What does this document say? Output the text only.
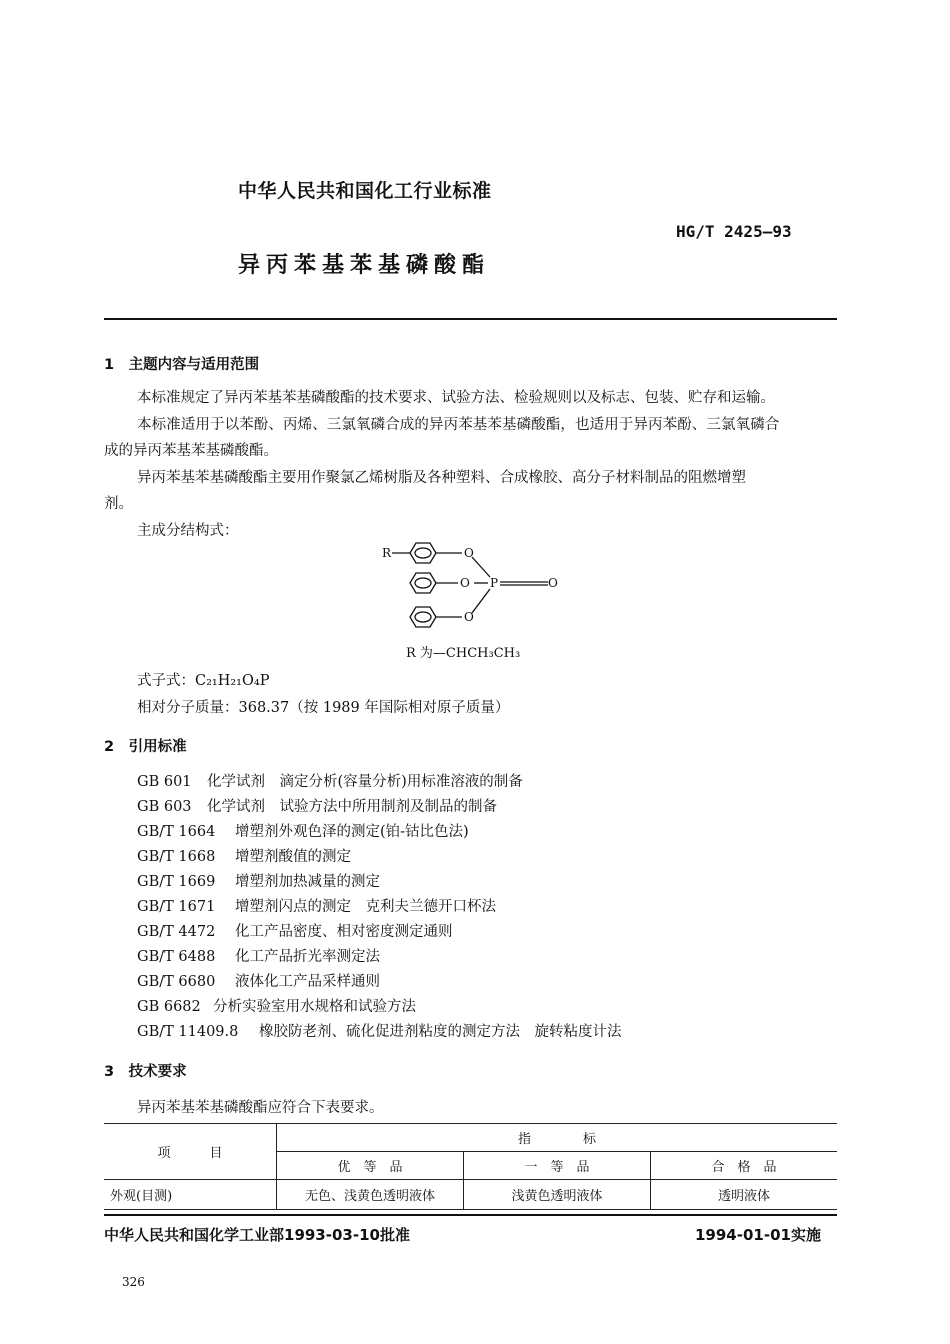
中华人民共和国化工行业标准
HG/T 2425—93
异丙苯基苯基磷酸酯
1　主题内容与适用范围
本标准规定了异丙苯基苯基磷酸酯的技术要求、试验方法、检验规则以及标志、包装、贮存和运输。
本标准适用于以苯酚、丙烯、三氯氧磷合成的异丙苯基苯基磷酸酯，也适用于异丙苯酚、三氯氧磷合
成的异丙苯基苯基磷酸酯。
异丙苯基苯基磷酸酯主要用作聚氯乙烯树脂及各种塑料、合成橡胶、高分子材料制品的阻燃增塑
剂。
主成分结构式：
R	O
O P	O
O
R 为—CHCH₃CH₃
式子式：C₂₁H₂₁O₄P
相对分子质量：368.37（按 1989 年国际相对原子质量）
2　引用标准
GB 601 化学试剂　滴定分析(容量分析)用标准溶液的制备
GB 603 化学试剂　试验方法中所用制剂及制品的制备
GB/T 1664 增塑剂外观色泽的测定(铂-钴比色法)
GB/T 1668 增塑剂酸值的测定
GB/T 1669 增塑剂加热减量的测定
GB/T 1671 增塑剂闪点的测定　克利夫兰德开口杯法
GB/T 4472 化工产品密度、相对密度测定通则
GB/T 6488 化工产品折光率测定法
GB/T 6680 液体化工产品采样通则
GB 6682 分析实验室用水规格和试验方法
GB/T 11409.8 橡胶防老剂、硫化促进剂粘度的测定方法　旋转粘度计法
3　技术要求
异丙苯基苯基磷酸酯应符合下表要求。
项　　　目	指　　　　标		
	优　等　品	一　等　品	合　格　品
外观(目测)	无色、浅黄色透明液体	浅黄色透明液体	透明液体
中华人民共和国化学工业部1993-03-10批准	1994-01-01实施
326
